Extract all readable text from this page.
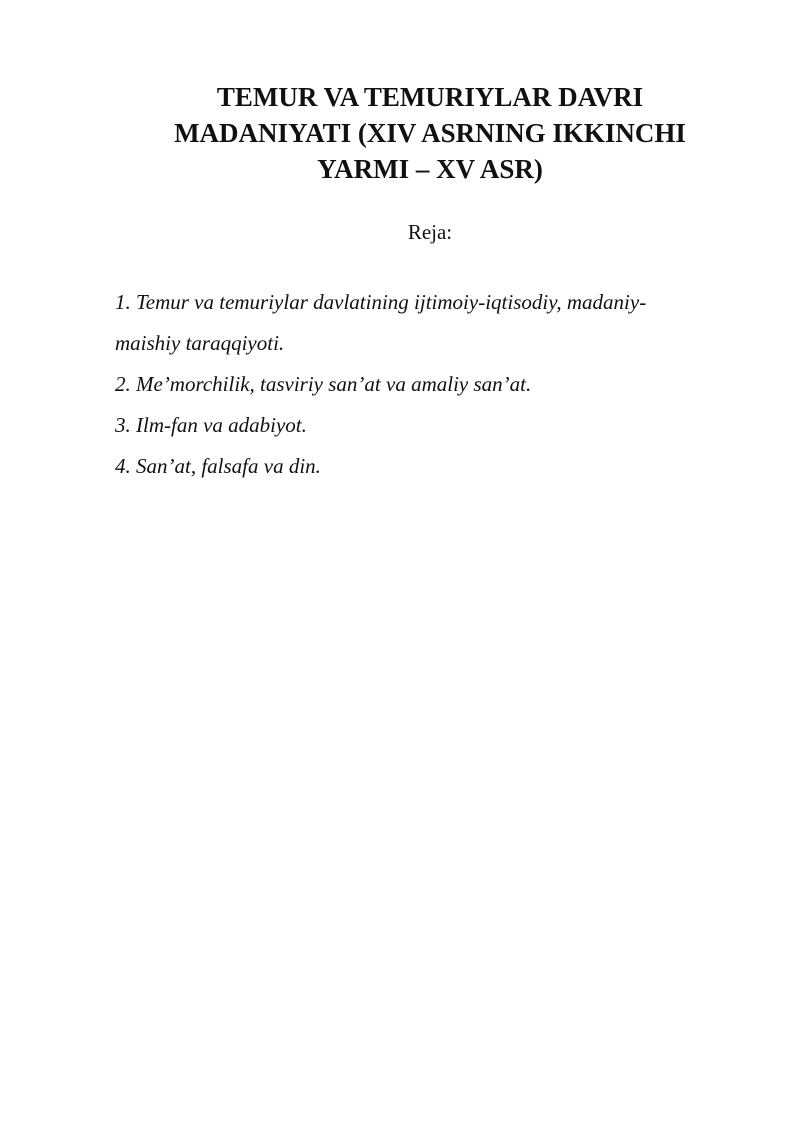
TEMUR VA TEMURIYLAR DAVRI
MADANIYATI (XIV ASRNING IKKINCHI
YARMI – XV ASR)
Reja:
1. Temur va temuriylar davlatining ijtimoiy-iqtisodiy, madaniy-
maishiy taraqqiyoti.
2. Me’morchilik, tasviriy san’at va amaliy san’at.
3. Ilm-fan va adabiyot.
4. San’at, falsafa va din.
